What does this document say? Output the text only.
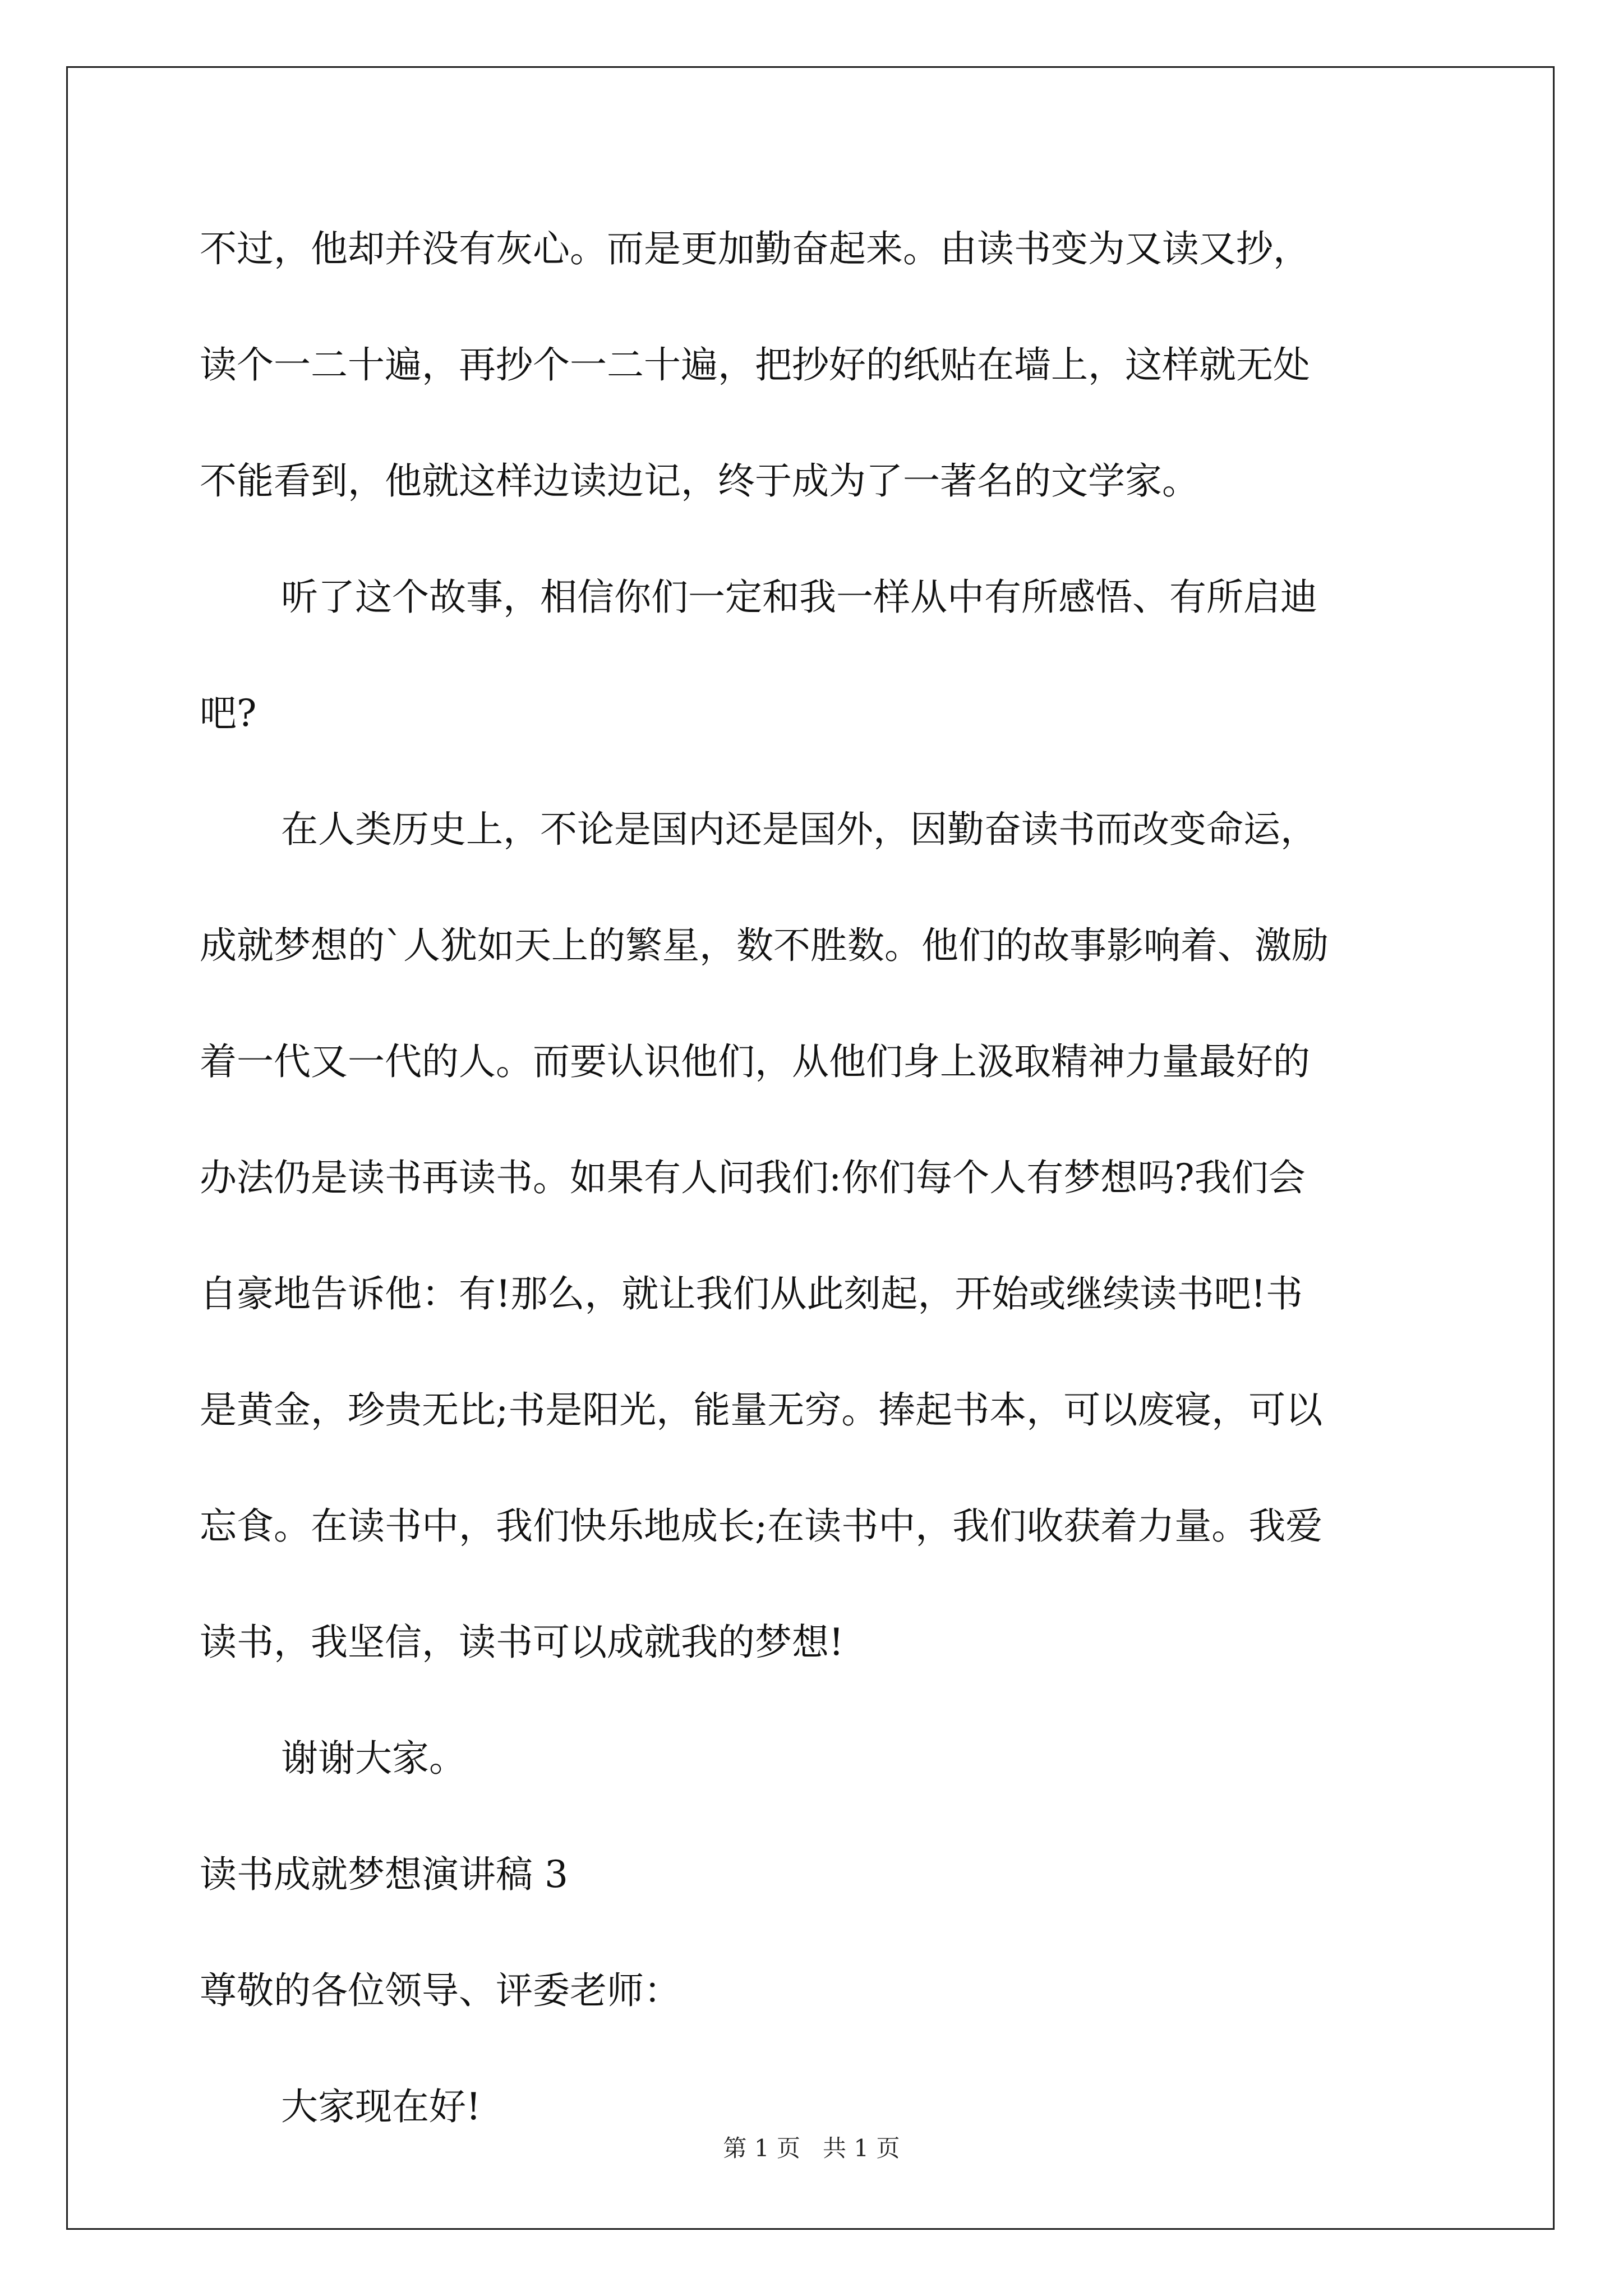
不过，他却并没有灰心。而是更加勤奋起来。由读书变为又读又抄，
读个一二十遍，再抄个一二十遍，把抄好的纸贴在墙上，这样就无处
不能看到，他就这样边读边记，终于成为了一著名的文学家。
听了这个故事，相信你们一定和我一样从中有所感悟、有所启迪
吧?
在人类历史上，不论是国内还是国外，因勤奋读书而改变命运，
成就梦想的`人犹如天上的繁星，数不胜数。他们的故事影响着、激励
着一代又一代的人。而要认识他们，从他们身上汲取精神力量最好的
办法仍是读书再读书。如果有人问我们:你们每个人有梦想吗?我们会
自豪地告诉他：有!那么，就让我们从此刻起，开始或继续读书吧!书
是黄金，珍贵无比;书是阳光，能量无穷。捧起书本，可以废寝，可以
忘食。在读书中，我们快乐地成长;在读书中，我们收获着力量。我爱
读书，我坚信，读书可以成就我的梦想!
谢谢大家。
读书成就梦想演讲稿 3
尊敬的各位领导、评委老师：
大家现在好!
第 1 页   共 1 页
